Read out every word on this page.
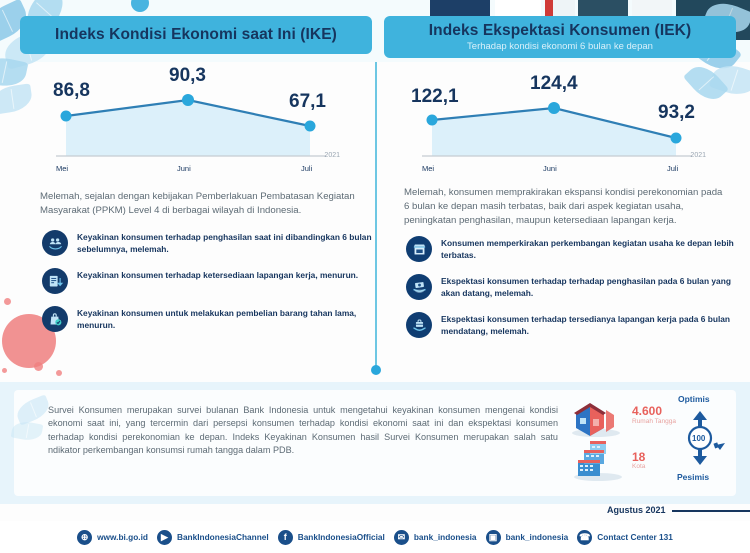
Indeks Kondisi Ekonomi saat Ini (IKE)
86,8
90,3
67,1
Mei	Juni	Juli
2021
Melemah, sejalan dengan kebijakan Pemberlakuan Pembatasan Kegiatan Masyarakat (PPKM) Level 4 di berbagai wilayah di Indonesia.
Keyakinan konsumen terhadap penghasilan saat ini dibandingkan 6 bulan sebelumnya, melemah.
Keyakinan konsumen terhadap ketersediaan lapangan kerja, menurun.
Keyakinan konsumen untuk melakukan pembelian barang tahan lama, menurun.
Indeks Ekspektasi Konsumen (IEK)
Terhadap kondisi ekonomi 6 bulan ke depan
122,1
124,4
93,2
Mei	Juni	Juli
2021
Melemah, konsumen memprakirakan ekspansi kondisi perekonomian pada 6 bulan ke depan masih terbatas, baik dari aspek kegiatan usaha, peningkatan penghasilan, maupun ketersediaan lapangan kerja.
Konsumen memperkirakan perkembangan kegiatan usaha ke depan lebih terbatas.
Ekspektasi konsumen terhadap terhadap penghasilan pada 6 bulan yang akan datang, melemah.
Ekspektasi konsumen terhadap tersedianya lapangan kerja pada 6 bulan mendatang, melemah.
Survei Konsumen merupakan survei bulanan Bank Indonesia untuk mengetahui keyakinan konsumen mengenai kondisi ekonomi saat ini, yang tercermin dari persepsi konsumen terhadap kondisi ekonomi saat ini dan ekspektasi konsumen terhadap kondisi perekonomian ke depan. Indeks Keyakinan Konsumen hasil Survei Konsumen merupakan salah satu ndikator perkembangan konsumsi rumah tangga dalam PDB.
4.600
Rumah Tangga
18
Kota
Optimis
100
Pesimis
Agustus 2021
⊕	www.bi.go.id	▶	BankIndonesiaChannel	f	BankIndonesiaOfficial	✉	bank_indonesia	▣ bank_indonesia ☎ Contact Center 131
